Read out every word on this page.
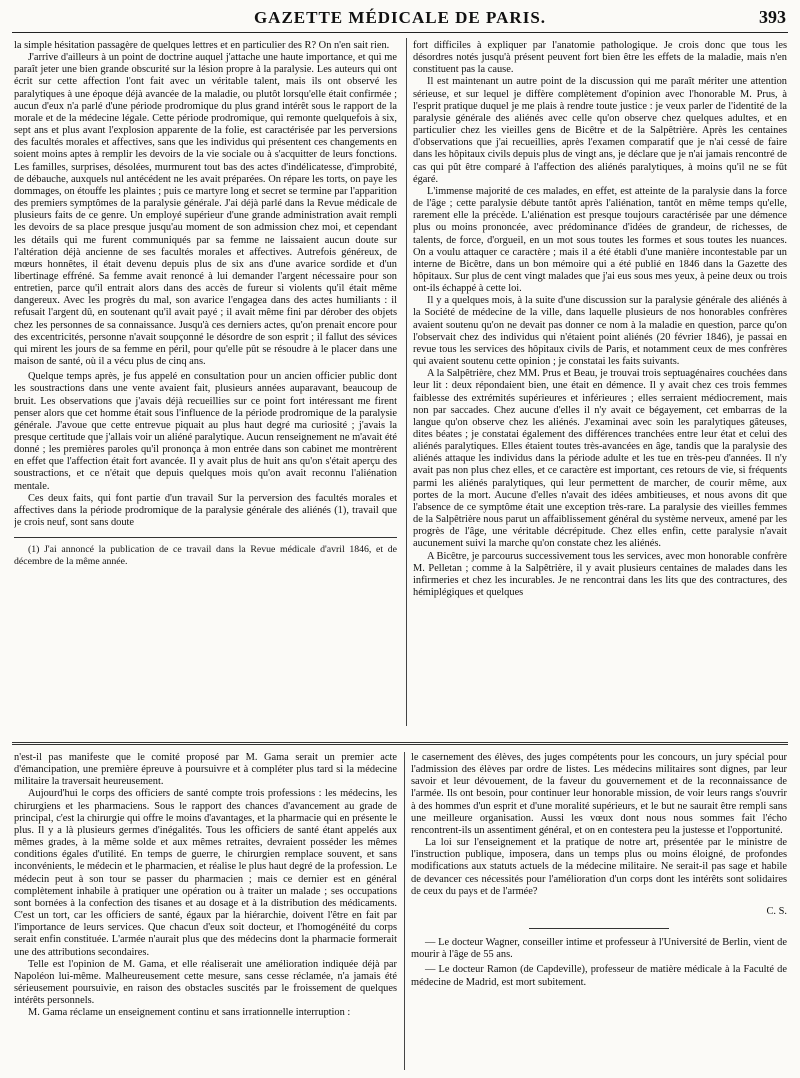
GAZETTE MÉDICALE DE PARIS.	393

la simple hésitation passagère de quelques lettres et en particulier des R? On n'en sait rien.

J'arrive d'ailleurs à un point de doctrine auquel j'attache une haute importance, et qui me paraît jeter une bien grande obscurité sur la lésion propre à la paralysie. Les auteurs qui ont écrit sur cette affection l'ont fait avec un véritable talent, mais ils ont observé les paralytiques à une époque déjà avancée de la maladie, ou plutôt lorsqu'elle était confirmée ; aucun d'eux n'a parlé d'une période prodromique du plus grand intérêt sous le rapport de la morale et de la médecine légale. Cette période prodromique, qui remonte quelquefois à six, sept ans et plus avant l'explosion apparente de la folie, est caractérisée par les perversions des facultés morales et affectives, sans que les individus qui présentent ces changements en soient moins aptes à remplir les devoirs de la vie sociale ou à s'acquitter de leurs fonctions. Les familles, surprises, désolées, murmurent tout bas des actes d'indélicatesse, d'improbité, de débauche, auxquels nul antécédent ne les avait préparées. On répare les torts, on paye les dommages, on étouffe les plaintes ; puis ce martyre long et secret se termine par l'apparition des premiers symptômes de la paralysie générale. J'ai déjà parlé dans la Revue médicale de plusieurs faits de ce genre. Un employé supérieur d'une grande administration avait rempli les devoirs de sa place presque jusqu'au moment de son admission chez moi, et cependant les détails qui me furent communiqués par sa femme ne laissaient aucun doute sur l'altération déjà ancienne de ses facultés morales et affectives. Autrefois généreux, de mœurs honnêtes, il était devenu depuis plus de six ans d'une avarice sordide et d'un libertinage effréné. Sa femme avait renoncé à lui demander l'argent nécessaire pour son entretien, parce qu'il entrait alors dans des accès de fureur si violents qu'il était même dangereux. Avec les progrès du mal, son avarice l'engagea dans des actes humiliants : il refusait l'argent dû, en soutenant qu'il avait payé ; il avait même fini par dérober des objets chez les personnes de sa connaissance. Jusqu'à ces derniers actes, qu'on prenait encore pour des excentricités, personne n'avait soupçonné le désordre de son esprit ; il fallut des sévices qui mirent les jours de sa femme en péril, pour qu'elle pût se résoudre à le placer dans une maison de santé, où il a vécu plus de cinq ans.

Quelque temps après, je fus appelé en consultation pour un ancien officier public dont les soustractions dans une vente avaient fait, plusieurs années auparavant, beaucoup de bruit. Les observations que j'avais déjà recueillies sur ce point fort intéressant me firent penser alors que cet homme était sous l'influence de la période prodromique de la paralysie générale. J'avoue que cette entrevue piquait au plus haut degré ma curiosité ; j'avais la presque certitude que j'allais voir un aliéné paralytique. Aucun renseignement ne m'avait été donné ; les premières paroles qu'il prononça à mon entrée dans son cabinet me montrèrent en effet que l'affection était fort avancée. Il y avait plus de huit ans qu'on s'était aperçu des soustractions, et ce n'était que depuis quelques mois qu'on avait reconnu l'aliénation mentale.

Ces deux faits, qui font partie d'un travail Sur la perversion des facultés morales et affectives dans la période prodromique de la paralysie générale des aliénés (1), travail que je crois neuf, sont sans doute

(1) J'ai annoncé la publication de ce travail dans la Revue médicale d'avril 1846, et de décembre de la même année.

fort difficiles à expliquer par l'anatomie pathologique. Je crois donc que tous les désordres notés jusqu'à présent peuvent fort bien être les effets de la maladie, mais n'en constituent pas la cause.

Il est maintenant un autre point de la discussion qui me paraît mériter une attention sérieuse, et sur lequel je diffère complètement d'opinion avec l'honorable M. Prus, à l'esprit pratique duquel je me plais à rendre toute justice : je veux parler de l'identité de la paralysie générale des aliénés avec celle qu'on observe chez quelques adultes, et en particulier chez les vieilles gens de Bicêtre et de la Salpêtrière. Après les centaines d'observations que j'ai recueillies, après l'examen comparatif que je n'ai cessé de faire dans les hôpitaux civils depuis plus de vingt ans, je déclare que je n'ai jamais rencontré de cas qui pût être comparé à l'affection des aliénés paralytiques, à moins qu'il ne se fût égaré.

L'immense majorité de ces malades, en effet, est atteinte de la paralysie dans la force de l'âge ; cette paralysie débute tantôt après l'aliénation, tantôt en même temps qu'elle, rarement elle la précède. L'aliénation est presque toujours caractérisée par une démence plus ou moins prononcée, avec prédominance d'idées de grandeur, de richesses, de talents, de force, d'orgueil, en un mot sous toutes les formes et sous toutes les nuances. On a voulu attaquer ce caractère ; mais il a été établi d'une manière incontestable par un interne de Bicêtre, dans un bon mémoire qui a été publié en 1846 dans la Gazette des hôpitaux. Sur plus de cent vingt malades que j'ai eus sous mes yeux, à peine deux ou trois ont-ils échappé à cette loi.

Il y a quelques mois, à la suite d'une discussion sur la paralysie générale des aliénés à la Société de médecine de la ville, dans laquelle plusieurs de nos honorables confrères avaient soutenu qu'on ne devait pas donner ce nom à la maladie en question, parce qu'on l'observait chez des individus qui n'étaient point aliénés (20 février 1846), je passai en revue tous les services des hôpitaux civils de Paris, et notamment ceux de mes confrères qui avaient soutenu cette opinion ; je constatai les faits suivants.

A la Salpêtrière, chez MM. Prus et Beau, je trouvai trois septuagénaires couchées dans leur lit : deux répondaient bien, une était en démence. Il y avait chez ces trois femmes faiblesse des extrémités supérieures et inférieures ; elles serraient médiocrement, mais non par saccades. Chez aucune d'elles il n'y avait ce bégayement, cet embarras de la langue qu'on observe chez les aliénés. J'examinai avec soin les paralytiques gâteuses, dites béates ; je constatai également des différences tranchées entre leur état et celui des aliénés paralytiques. Elles étaient toutes très-avancées en âge, tandis que la paralysie des aliénés attaque les individus dans la période adulte et les tue en très-peu d'années. Il n'y avait pas non plus chez elles, et ce caractère est important, ces retours de vie, si fréquents parmi les aliénés paralytiques, qui leur permettent de marcher, de courir même, aux portes de la mort. Aucune d'elles n'avait des idées ambitieuses, et nous avons dit que l'absence de ce symptôme était une exception très-rare. La paralysie des vieilles femmes de la Salpêtrière nous parut un affaiblissement général du système nerveux, amené par les progrès de l'âge, une véritable décrépitude. Chez elles enfin, cette paralysie n'avait aucunement suivi la marche qu'on constate chez les aliénés.

A Bicêtre, je parcourus successivement tous les services, avec mon honorable confrère M. Pelletan ; comme à la Salpêtrière, il y avait plusieurs centaines de malades dans les infirmeries et chez les incurables. Je ne rencontrai dans les lits que des contractures, des hémiplégiques et quelques

n'est-il pas manifeste que le comité proposé par M. Gama serait un premier acte d'émancipation, une première épreuve à poursuivre et à compléter plus tard si la médecine militaire la traversait heureusement.

Aujourd'hui le corps des officiers de santé compte trois professions : les médecins, les chirurgiens et les pharmaciens. Sous le rapport des chances d'avancement au grade de principal, c'est la chirurgie qui offre le moins d'avantages, et la pharmacie qui en présente le plus. Il y a là plusieurs germes d'inégalités. Tous les officiers de santé étant appelés aux mêmes grades, à la même solde et aux mêmes retraites, devraient posséder les mêmes conditions égales d'utilité. En temps de guerre, le chirurgien remplace souvent, et sans inconvénients, le médecin et le pharmacien, et réalise le plus haut degré de la profession. Le médecin peut à son tour se passer du pharmacien ; mais ce dernier est en général complètement inhabile à pratiquer une opération ou à traiter un malade ; ses occupations sont bornées à la confection des tisanes et au dosage et à la distribution des médicaments. C'est un tort, car les officiers de santé, égaux par la hiérarchie, doivent l'être en fait par l'importance de leurs services. Que chacun d'eux soit docteur, et l'homogénéité du corps serait enfin constituée. L'armée n'aurait plus que des médecins dont la pharmacie formerait une des attributions secondaires.

Telle est l'opinion de M. Gama, et elle réaliserait une amélioration indiquée déjà par Napoléon lui-même. Malheureusement cette mesure, sans cesse réclamée, n'a jamais été sérieusement poursuivie, en raison des obstacles suscités par le froissement de quelques intérêts personnels.

M. Gama réclame un enseignement continu et sans irrationnelle interruption :

le casernement des élèves, des juges compétents pour les concours, un jury spécial pour l'admission des élèves par ordre de listes. Les médecins militaires sont dignes, par leur savoir et leur dévouement, de la faveur du gouvernement et de la reconnaissance de l'armée. Ils ont besoin, pour continuer leur honorable mission, de voir leurs rangs s'ouvrir à des hommes d'un esprit et d'une moralité supérieurs, et le but ne saurait être rempli sans une meilleure organisation. Aussi les vœux dont nous nous sommes fait l'écho rencontrent-ils un assentiment général, et on en contestera peu la justesse et l'opportunité.

La loi sur l'enseignement et la pratique de notre art, présentée par le ministre de l'instruction publique, imposera, dans un temps plus ou moins éloigné, de profondes modifications aux statuts actuels de la médecine militaire. Ne serait-il pas sage et habile de devancer ces nécessités pour l'amélioration d'un corps dont les intérêts sont solidaires de ceux du pays et de l'armée?

C. S.

— Le docteur Wagner, conseiller intime et professeur à l'Université de Berlin, vient de mourir à l'âge de 55 ans.

— Le docteur Ramon (de Capdeville), professeur de matière médicale à la Faculté de médecine de Madrid, est mort subitement.
